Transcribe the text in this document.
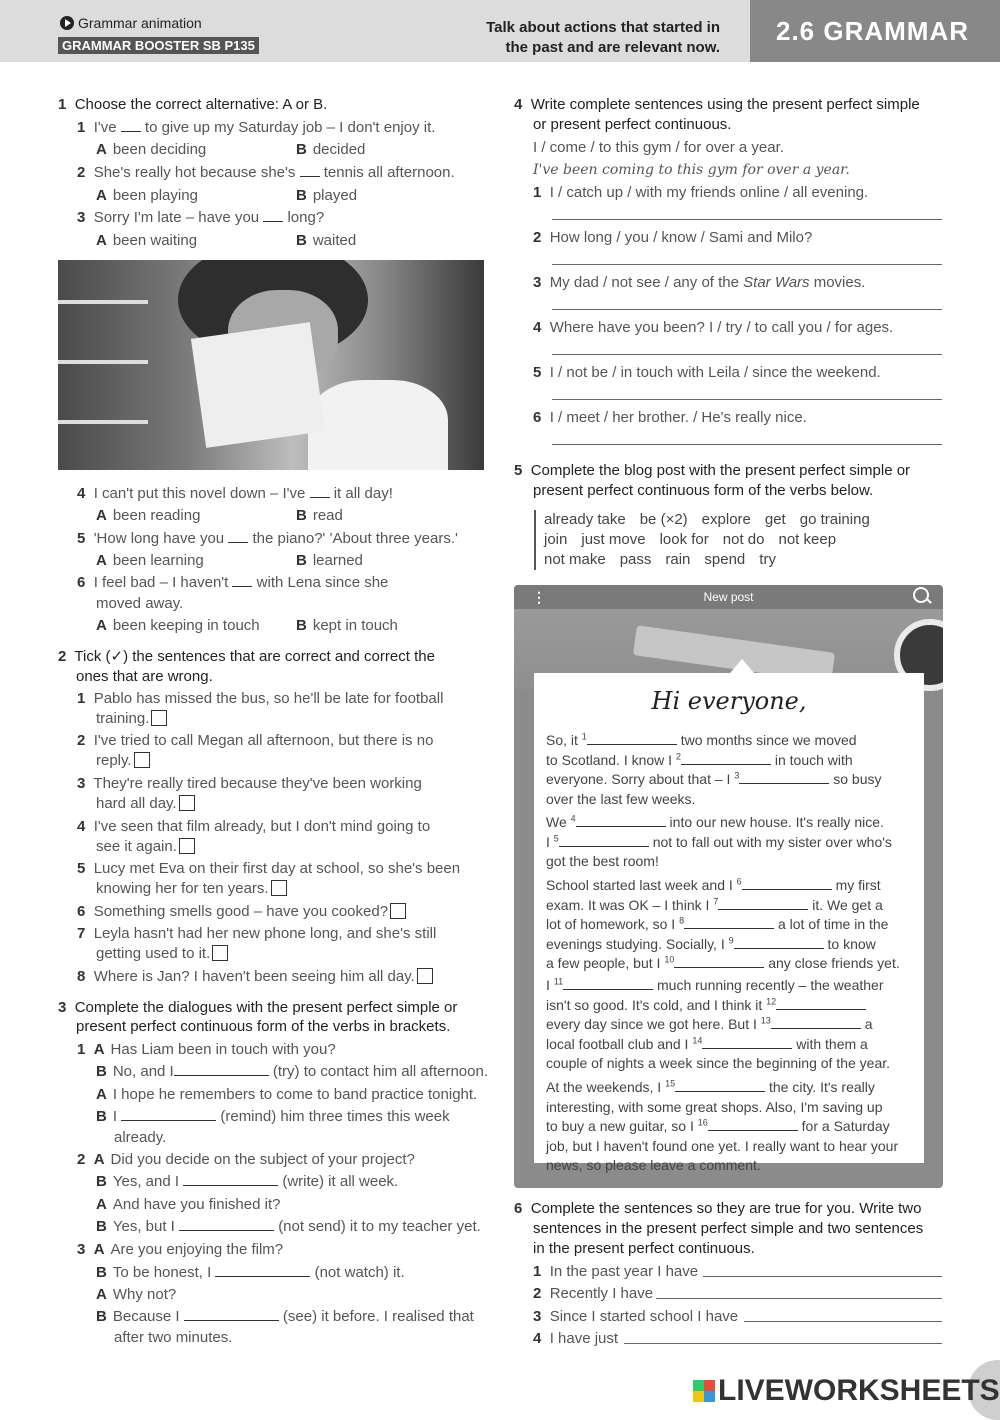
Grammar animation
GRAMMAR BOOSTER SB P135
Talk about actions that started in
the past and are relevant now.
2.6 GRAMMAR
1 Choose the correct alternative: A or B.
1 I've  to give up my Saturday job – I don't enjoy it.
A been deciding	B decided
2 She's really hot because she's  tennis all afternoon.
A been playing	B played
3 Sorry I'm late – have you  long?
A been waiting	B waited
4 I can't put this novel down – I've  it all day!
A been reading	B read
5 'How long have you  the piano?' 'About three years.'
A been learning	B learned
6 I feel bad – I haven't  with Lena since she
moved away.
A been keeping in touch B kept in touch
2 Tick (✓) the sentences that are correct and correct the
ones that are wrong.
1 Pablo has missed the bus, so he'll be late for football
training.
2 I've tried to call Megan all afternoon, but there is no
reply.
3 They're really tired because they've been working
hard all day.
4 I've seen that film already, but I don't mind going to
see it again.
5 Lucy met Eva on their first day at school, so she's been
knowing her for ten years.
6 Something smells good – have you cooked?
7 Leyla hasn't had her new phone long, and she's still
getting used to it.
8 Where is Jan? I haven't been seeing him all day.
3 Complete the dialogues with the present perfect simple or
present perfect continuous form of the verbs in brackets.
1 A Has Liam been in touch with you?
B No, and I	(try) to contact him all afternoon.
A I hope he remembers to come to band practice tonight.
B I	(remind) him three times this week
already.
2 A Did you decide on the subject of your project?
B Yes, and I	(write) it all week.
A And have you finished it?
B Yes, but I	(not send) it to my teacher yet.
3 A Are you enjoying the film?
B To be honest, I	(not watch) it.
A Why not?
B Because I	(see) it before. I realised that
after two minutes.
4 Write complete sentences using the present perfect simple
or present perfect continuous.
I / come / to this gym / for over a year.
I've been coming to this gym for over a year.
1 I / catch up / with my friends online / all evening.
2 How long / you / know / Sami and Milo?
3 My dad / not see / any of the Star Wars movies.
4 Where have you been? I / try / to call you / for ages.
5 I / not be / in touch with Leila / since the weekend.
6 I / meet / her brother. / He's really nice.
5 Complete the blog post with the present perfect simple or
present perfect continuous form of the verbs below.
already take be (×2) explore get go training
join just move look for not do not keep
not make pass rain spend try
⋮	New post
Hi everyone,
So, it $^1$	two months since we moved
to Scotland. I know I $^2$	in touch with
everyone. Sorry about that – I $^3$	so busy
over the last few weeks.
We $^4$	into our new house. It's really nice.
I $^5$	not to fall out with my sister over who's
got the best room!
School started last week and I $^6$	my first
exam. It was OK – I think I $^7$	it. We get a
lot of homework, so I $^8$	a lot of time in the
evenings studying. Socially, I $^9$	to know
a few people, but I $^{10}$	any close friends yet.
I $^{11}$	much running recently – the weather
isn't so good. It's cold, and I think it $^{12}$
every day since we got here. But I $^{13}$	a
local football club and I $^{14}$	with them a
couple of nights a week since the beginning of the year.
At the weekends, I $^{15}$	the city. It's really
interesting, with some great shops. Also, I'm saving up
to buy a new guitar, so I $^{16}$	for a Saturday
job, but I haven't found one yet. I really want to hear your
news, so please leave a comment.
6 Complete the sentences so they are true for you. Write two
sentences in the present perfect simple and two sentences
in the present perfect continuous.
1 In the past year I have
2 Recently I have
3 Since I started school I have
4 I have just
LIVEWORKSHEETS
